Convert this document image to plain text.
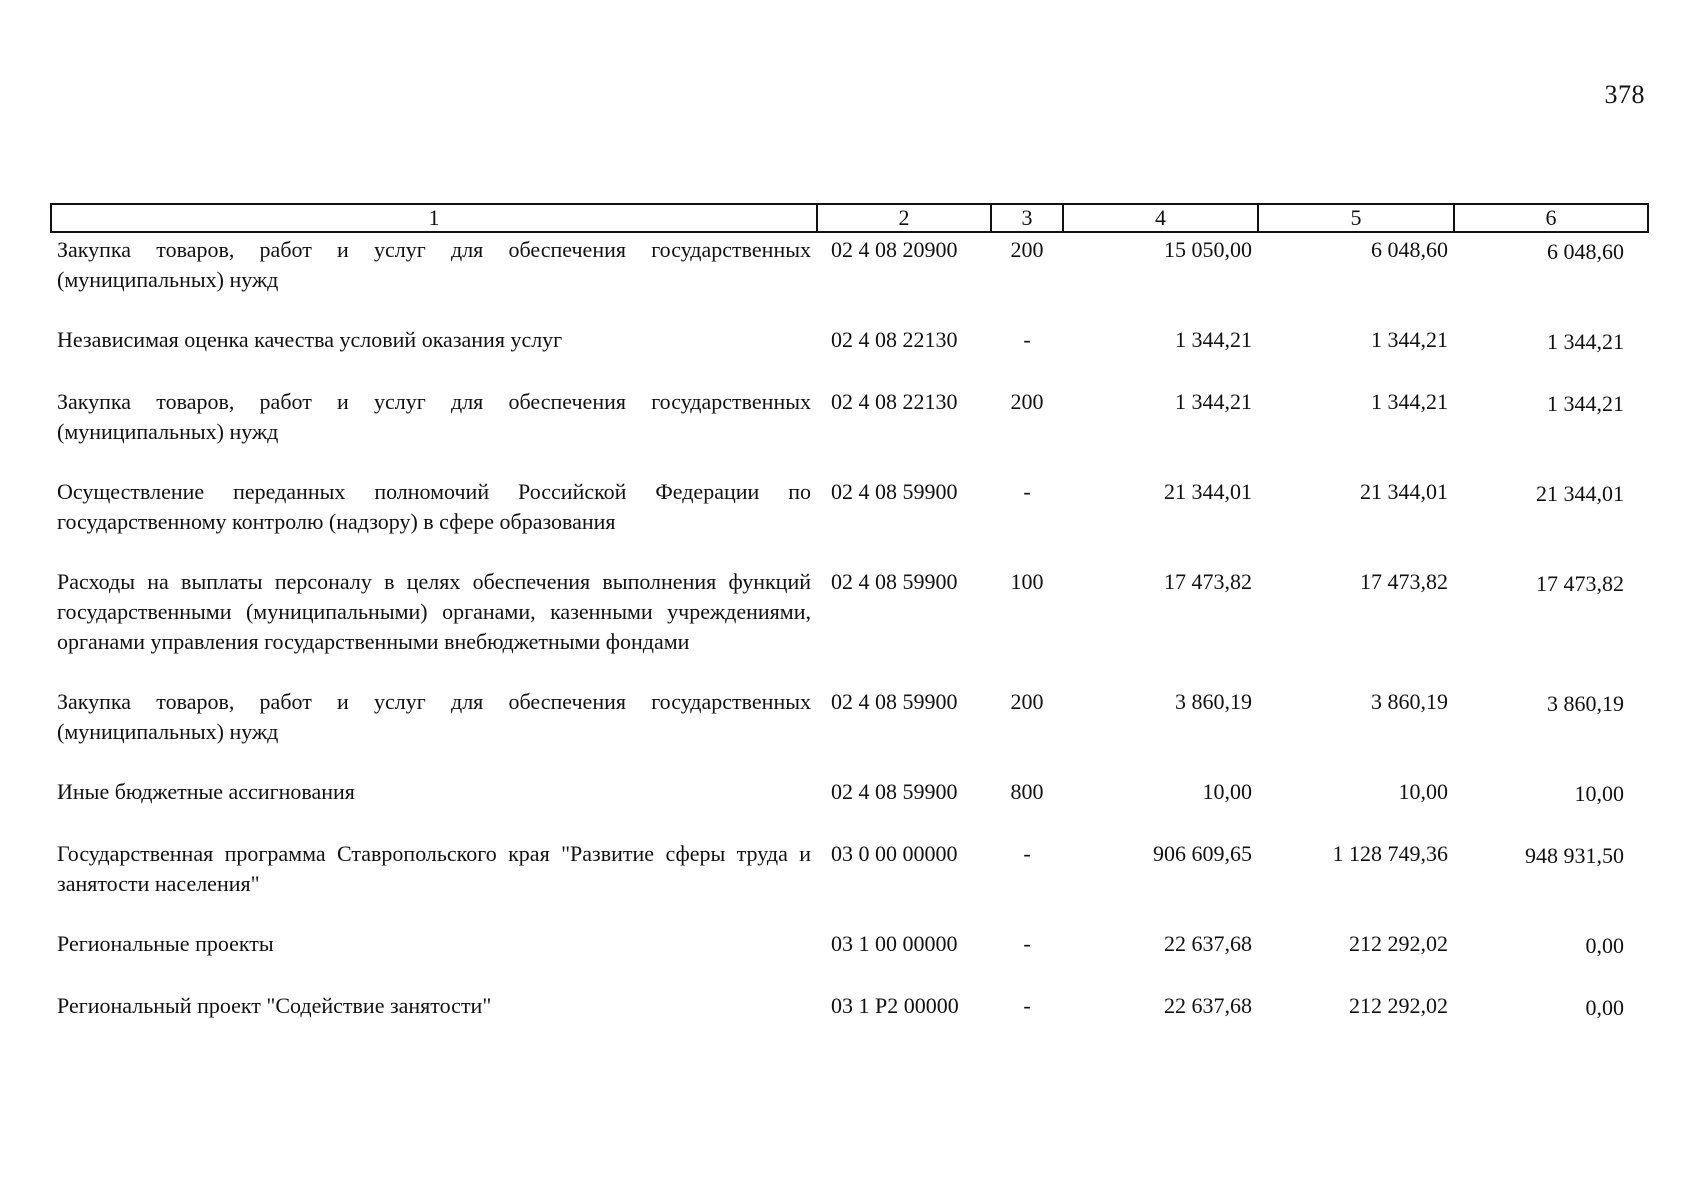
378
1	2	3	4	5	6
Закупка товаров, работ и услуг для обеспечения государственных (муниципальных) нужд	02 4 08 20900	200	15 050,00	6 048,60	6 048,60

Независимая оценка качества условий оказания услуг	02 4 08 22130	-	1 344,21	1 344,21	1 344,21

Закупка товаров, работ и услуг для обеспечения государственных (муниципальных) нужд	02 4 08 22130	200	1 344,21	1 344,21	1 344,21

Осуществление переданных полномочий Российской Федерации по государственному контролю (надзору) в сфере образования	02 4 08 59900	-	21 344,01	21 344,01	21 344,01

Расходы на выплаты персоналу в целях обеспечения выполнения функций государственными (муниципальными) органами, казенными учреждениями, органами управления государственными внебюджетными фондами	02 4 08 59900	100	17 473,82	17 473,82	17 473,82

Закупка товаров, работ и услуг для обеспечения государственных (муниципальных) нужд	02 4 08 59900	200	3 860,19	3 860,19	3 860,19

Иные бюджетные ассигнования	02 4 08 59900	800	10,00	10,00	10,00

Государственная программа Ставропольского края "Развитие сферы труда и занятости населения"	03 0 00 00000	-	906 609,65	1 128 749,36	948 931,50

Региональные проекты	03 1 00 00000	-	22 637,68	212 292,02	0,00

Региональный проект "Содействие занятости"	03 1 Р2 00000	-	22 637,68	212 292,02	0,00
